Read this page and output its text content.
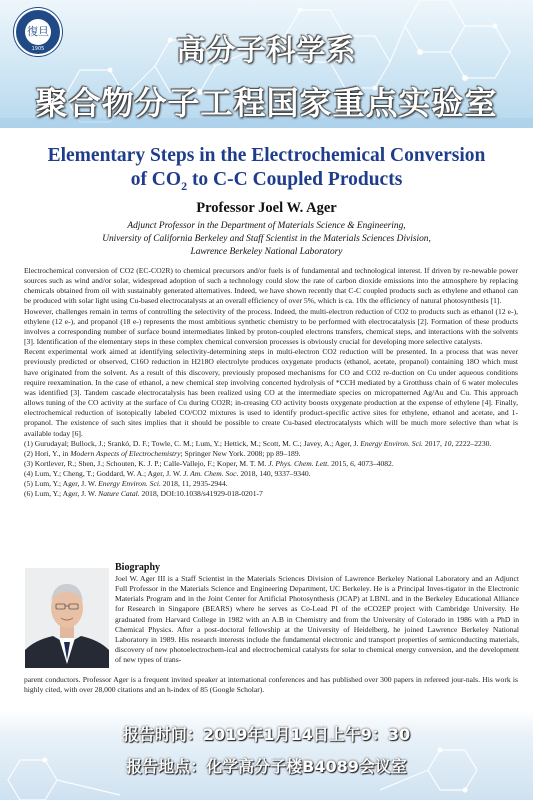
復旦
1905	高分子科学系
聚合物分子工程国家重点实验室
Elementary Steps in the Electrochemical Conversion
of $CO_2$ to C-C Coupled Products
Professor Joel W. Ager
Adjunct Professor in the Department of Materials Science & Engineering,
University of California Berkeley and Staff Scientist in the Materials Sciences Division,
Lawrence Berkeley National Laboratory

Electrochemical conversion of CO2 (EC-CO2R) to chemical precursors and/or fuels is of fundamental and technological interest. If driven by re-newable power sources such as wind and/or solar, widespread adoption of such a technology could slow the rate of carbon dioxide emissions into the atmosphere by replacing chemicals obtained from oil with sustainably generated alternatives. Indeed, we have shown recently that C-C coupled products such as ethylene and ethanol can be produced with solar light using Cu-based electrocatalysts at an overall efficiency of over 5%, which is ca. 10x the efficiency of natural photosynthesis [1].

However, challenges remain in terms of controlling the selectivity of the process. Indeed, the multi-electron reduction of CO2 to products such as ethanol (12 e-), ethylene (12 e-), and propanol (18 e-) represents the most ambitious synthetic chemistry to be performed with electrocatalysis [2]. Formation of these products involves a corresponding number of surface bound intermediates linked by proton-coupled electrons transfers, chemical steps, and interactions with the solvents [3]. Identification of the elementary steps in these complex chemical conversion processes is obviously crucial for developing more selective catalysts.

Recent experimental work aimed at identifying selectivity-determining steps in multi-electron CO2 reduction will be presented. In a process that was never previously predicted or observed, C16O reduction in H218O electrolyte produces oxygenate products (ethanol, acetate, propanol) containing 18O which must have originated from the solvent. As a result of this discovery, previously proposed mechanisms for CO and CO2 re-duction on Cu under aqueous conditions require reexamination. In the case of ethanol, a new chemical step involving concerted hydrolysis of *CCH mediated by a Grotthuss chain of 6 water molecules was identified [3]. Tandem cascade electrocatalysis has been realized using CO at the intermediate species on micropatterned Ag/Au and Cu. This approach allows tuning of the CO activity at the surface of Cu during CO2R; in-creasing CO activity boosts oxygenate production at the expense of ethylene [4]. Finally, electrochemical reduction of isotopically labeled CO/CO2 mixtures is used to identify product-specific active sites for ethylene, ethanol and acetate, and 1-propanol. The existence of such sites implies that it should be possible to create Cu-based electrocatalysts which will be much more selective than what is available today [6].

(1) Gurudayal; Bullock, J.; Srankó, D. F.; Towle, C. M.; Lum, Y.; Hettick, M.; Scott, M. C.; Javey, A.; Ager, J. Energy Environ. Sci. 2017, 10, 2222–2230.
(2) Hori, Y., in Modern Aspects of Electrochemistry; Springer New York. 2008; pp 89–189.
(3) Kortlever, R.; Shen, J.; Schouten, K. J. P.; Calle-Vallejo, F.; Koper, M. T. M. J. Phys. Chem. Lett. 2015, 6, 4073–4082.
(4) Lum, Y.; Cheng, T.; Goddard, W. A.; Ager, J. W. J. Am. Chem. Soc. 2018, 140, 9337–9340.
(5) Lum, Y.; Ager, J. W. Energy Environ. Sci. 2018, 11, 2935-2944.
(6) Lum, Y.; Ager, J. W. Nature Catal. 2018, DOI:10.1038/s41929-018-0201-7
Biography
Joel W. Ager III is a Staff Scientist in the Materials Sciences Division of Lawrence Berkeley National Laboratory and an Adjunct Full Professor in the Materials Science and Engineering Department, UC Berkeley. He is a Principal Inves-tigator in the Electronic Materials Program and in the Joint Center for Artificial Photosynthesis (JCAP) at LBNL and in the Berkeley Educational Alliance for Research in Singapore (BEARS) where he serves as Co-Lead PI of the eCO2EP project with Cambridge University. He graduated from Harvard College in 1982 with an A.B in Chemistry and from the University of Colorado in 1986 with a PhD in Chemical Physics. After a post-doctoral fellowship at the University of Heidelberg, he joined Lawrence Berkeley National Laboratory in 1989. His research interests include the fundamental electronic and transport properties of semiconducting materials, discovery of new photoelectrochem-ical and electrochemical catalysts for solar to chemical energy conversion, and the development of new types of trans-
parent conductors. Professor Ager is a frequent invited speaker at international conferences and has published over 300 papers in refereed jour-nals. His work is highly cited, with over 28,000 citations and an h-index of 85 (Google Scholar).
报告时间：2019年1月14日上午9：30
报告地点：化学高分子楼B4089会议室
